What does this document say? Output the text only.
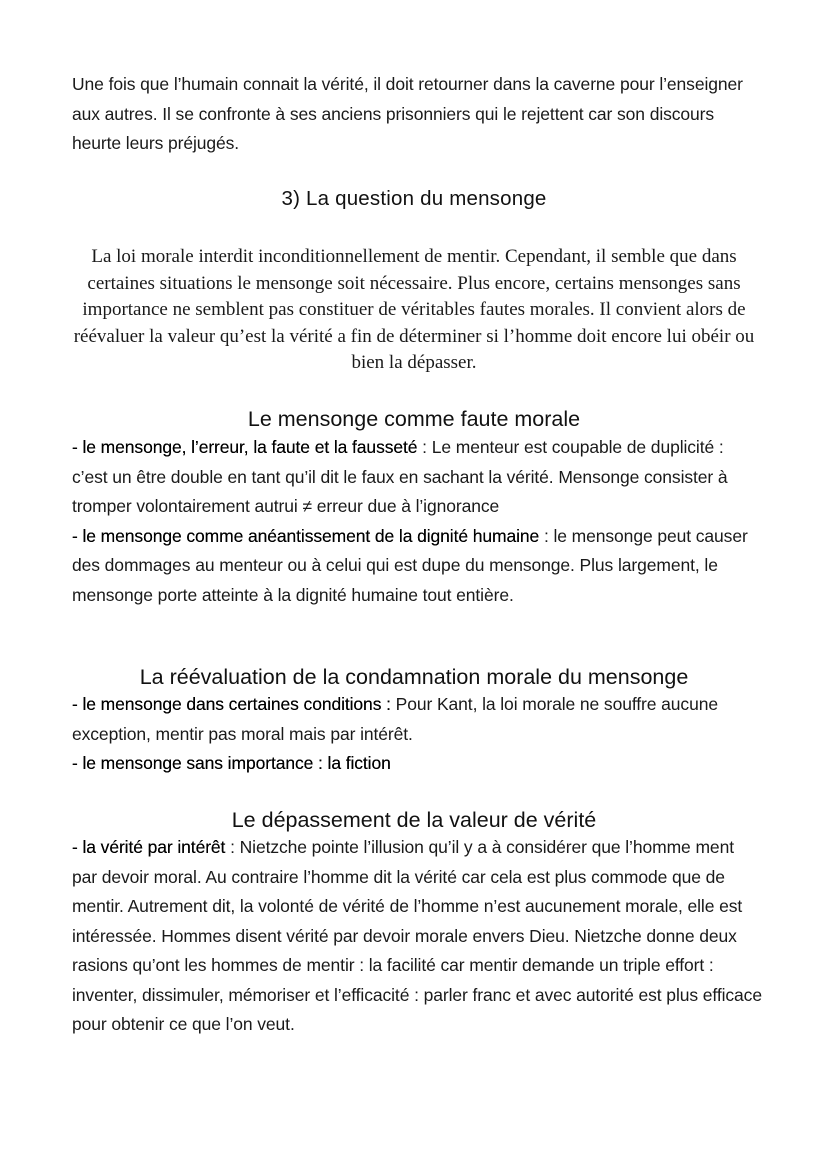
Une fois que l’humain connait la vérité, il doit retourner dans la caverne pour l’enseigner aux autres. Il se confronte à ses anciens prisonniers qui le rejettent car son discours heurte leurs préjugés.
3) La question du mensonge
La loi morale interdit inconditionnellement de mentir. Cependant, il semble que dans certaines situations le mensonge soit nécessaire. Plus encore, certains mensonges sans importance ne semblent pas constituer de véritables fautes morales. Il convient alors de réévaluer la valeur qu’est la vérité a fin de déterminer si l’homme doit encore lui obéir ou bien la dépasser.
Le mensonge comme faute morale
- le mensonge, l’erreur, la faute et la fausseté : Le menteur est coupable de duplicité : c’est un être double en tant qu’il dit le faux en sachant la vérité. Mensonge consister à tromper volontairement autrui ≠ erreur due à l’ignorance
- le mensonge comme anéantissement de la dignité humaine : le mensonge peut causer des dommages au menteur ou à celui qui est dupe du mensonge. Plus largement, le mensonge porte atteinte à la dignité humaine tout entière.
La réévaluation de la condamnation morale du mensonge
- le mensonge dans certaines conditions : Pour Kant, la loi morale ne souffre aucune exception, mentir pas moral mais par intérêt.
- le mensonge sans importance : la fiction
Le dépassement de la valeur de vérité
- la vérité par intérêt : Nietzche pointe l’illusion qu’il y a à considérer que l’homme ment par devoir moral. Au contraire l’homme dit la vérité car cela est plus commode que de mentir. Autrement dit, la volonté de vérité de l’homme n’est aucunement morale, elle est intéressée. Hommes disent vérité par devoir morale envers Dieu. Nietzche donne deux rasions qu’ont les hommes de mentir : la facilité car mentir demande un triple effort : inventer, dissimuler, mémoriser et l’efficacité : parler franc et avec autorité est plus efficace pour obtenir ce que l’on veut.
